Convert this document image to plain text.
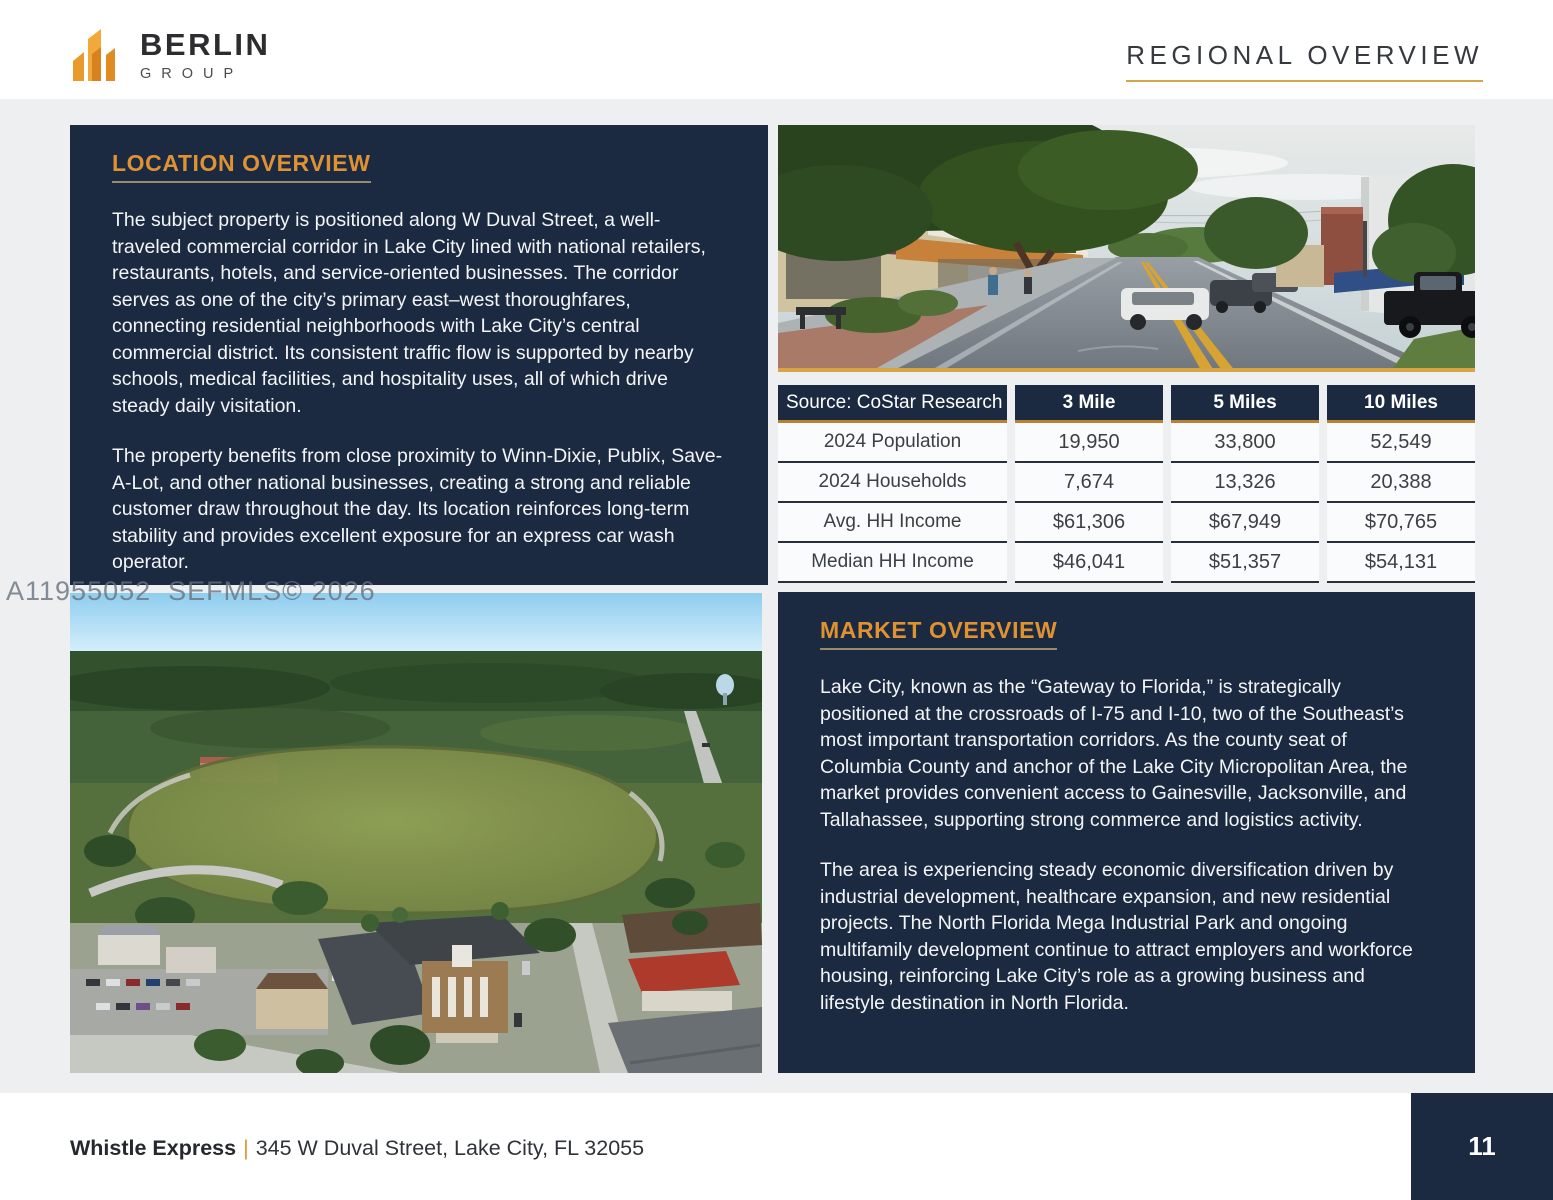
BERLIN
GROUP
REGIONAL OVERVIEW
LOCATION OVERVIEW

The subject property is positioned along W Duval Street, a well-traveled commercial corridor in Lake City lined with national retailers, restaurants, hotels, and service-oriented businesses. The corridor serves as one of the city’s primary east–west thoroughfares, connecting residential neighborhoods with Lake City’s central commercial district. Its consistent traffic flow is supported by nearby schools, medical facilities, and hospitality uses, all of which drive steady daily visitation.

The property benefits from close proximity to Winn-Dixie, Publix, Save-A-Lot, and other national businesses, creating a strong and reliable customer draw throughout the day. Its location reinforces long-term stability and provides excellent exposure for an express car wash operator.

Source: CoStar Research	3 Mile	5 Miles	10 Miles
2024 Population	19,950	33,800	52,549
2024 Households	7,674	13,326	20,388
Avg. HH Income	$61,306	$67,949	$70,765
Median HH Income	$46,041	$51,357	$54,131
A11955052  SEFMLS© 2026
MARKET OVERVIEW

Lake City, known as the “Gateway to Florida,” is strategically positioned at the crossroads of I-75 and I-10, two of the Southeast’s most important transportation corridors. As the county seat of Columbia County and anchor of the Lake City Micropolitan Area, the market provides convenient access to Gainesville, Jacksonville, and Tallahassee, supporting strong commerce and logistics activity.

The area is experiencing steady economic diversification driven by industrial development, healthcare expansion, and new residential projects. The North Florida Mega Industrial Park and ongoing multifamily development continue to attract employers and workforce housing, reinforcing Lake City’s role as a growing business and lifestyle destination in North Florida.

Whistle Express | 345 W Duval Street, Lake City, FL 32055	11
